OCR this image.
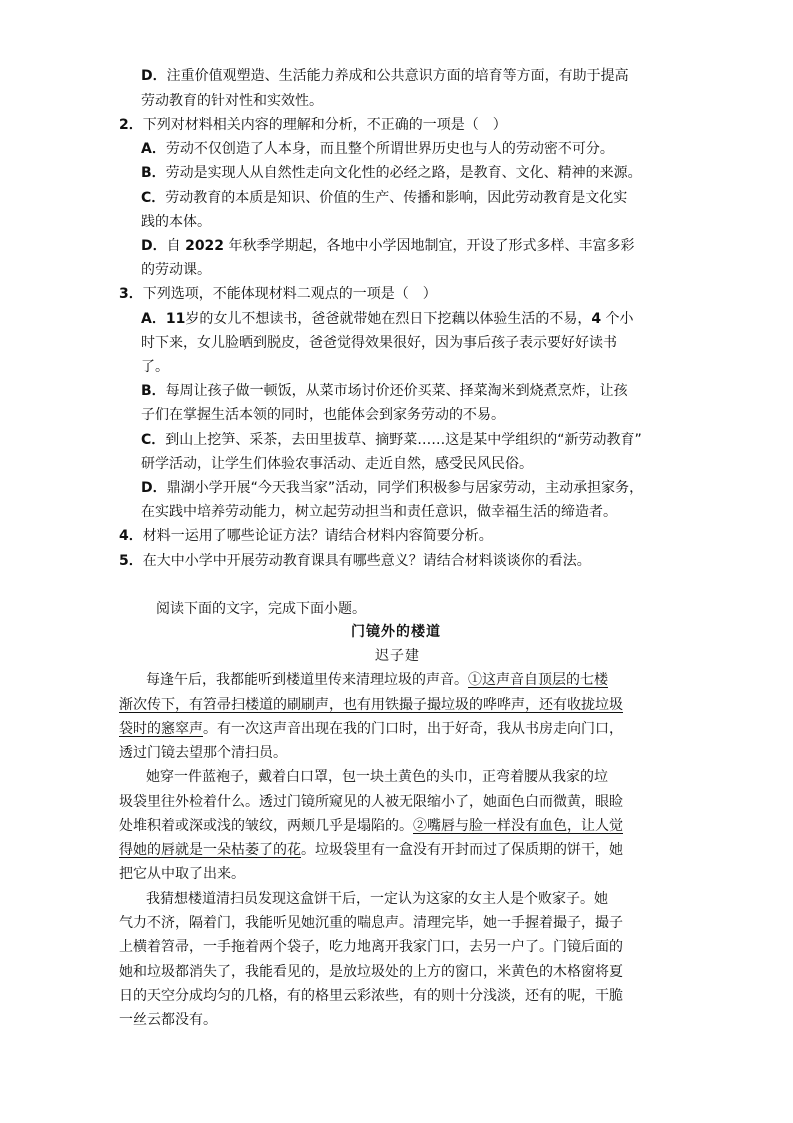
D．注重价值观塑造、生活能力养成和公共意识方面的培育等方面，有助于提高
劳动教育的针对性和实效性。
2．下列对材料相关内容的理解和分析，不正确的一项是（　）
A．劳动不仅创造了人本身，而且整个所谓世界历史也与人的劳动密不可分。
B．劳动是实现人从自然性走向文化性的必经之路，是教育、文化、精神的来源。
C．劳动教育的本质是知识、价值的生产、传播和影响，因此劳动教育是文化实
践的本体。
D．自 2022 年秋季学期起，各地中小学因地制宜，开设了形式多样、丰富多彩
的劳动课。
3．下列选项，不能体现材料二观点的一项是（　）
A．11岁的女儿不想读书，爸爸就带她在烈日下挖藕以体验生活的不易，4 个小
时下来，女儿脸晒到脱皮，爸爸觉得效果很好，因为事后孩子表示要好好读书
了。
B．每周让孩子做一顿饭，从菜市场讨价还价买菜、择菜淘米到烧煮烹炸，让孩
子们在掌握生活本领的同时，也能体会到家务劳动的不易。
C．到山上挖笋、采茶，去田里拔草、摘野菜……这是某中学组织的“新劳动教育”
研学活动，让学生们体验农事活动、走近自然，感受民风民俗。
D．鼎湖小学开展“今天我当家”活动，同学们积极参与居家劳动，主动承担家务，
在实践中培养劳动能力，树立起劳动担当和责任意识，做幸福生活的缔造者。
4．材料一运用了哪些论证方法？请结合材料内容简要分析。
5．在大中小学中开展劳动教育课具有哪些意义？请结合材料谈谈你的看法。
阅读下面的文字，完成下面小题。
门镜外的楼道
迟子建
每逢午后，我都能听到楼道里传来清理垃圾的声音。①这声音自顶层的七楼
渐次传下，有笤帚扫楼道的刷刷声，也有用铁撮子撮垃圾的哗哗声，还有收拢垃圾
袋时的窸窣声。有一次这声音出现在我的门口时，出于好奇，我从书房走向门口，
透过门镜去望那个清扫员。
她穿一件蓝袍子，戴着白口罩，包一块土黄色的头巾，正弯着腰从我家的垃
圾袋里往外检着什么。透过门镜所窥见的人被无限缩小了，她面色白而微黄，眼睑
处堆积着或深或浅的皱纹，两颊几乎是塌陷的。②嘴唇与脸一样没有血色，让人觉
得她的唇就是一朵枯萎了的花。垃圾袋里有一盒没有开封而过了保质期的饼干，她
把它从中取了出来。
我猜想楼道清扫员发现这盒饼干后，一定认为这家的女主人是个败家子。她
气力不济，隔着门，我能听见她沉重的喘息声。清理完毕，她一手握着撮子，撮子
上横着笤帚，一手拖着两个袋子，吃力地离开我家门口，去另一户了。门镜后面的
她和垃圾都消失了，我能看见的，是放垃圾处的上方的窗口，米黄色的木格窗将夏
日的天空分成均匀的几格，有的格里云彩浓些，有的则十分浅淡，还有的呢，干脆
一丝云都没有。
